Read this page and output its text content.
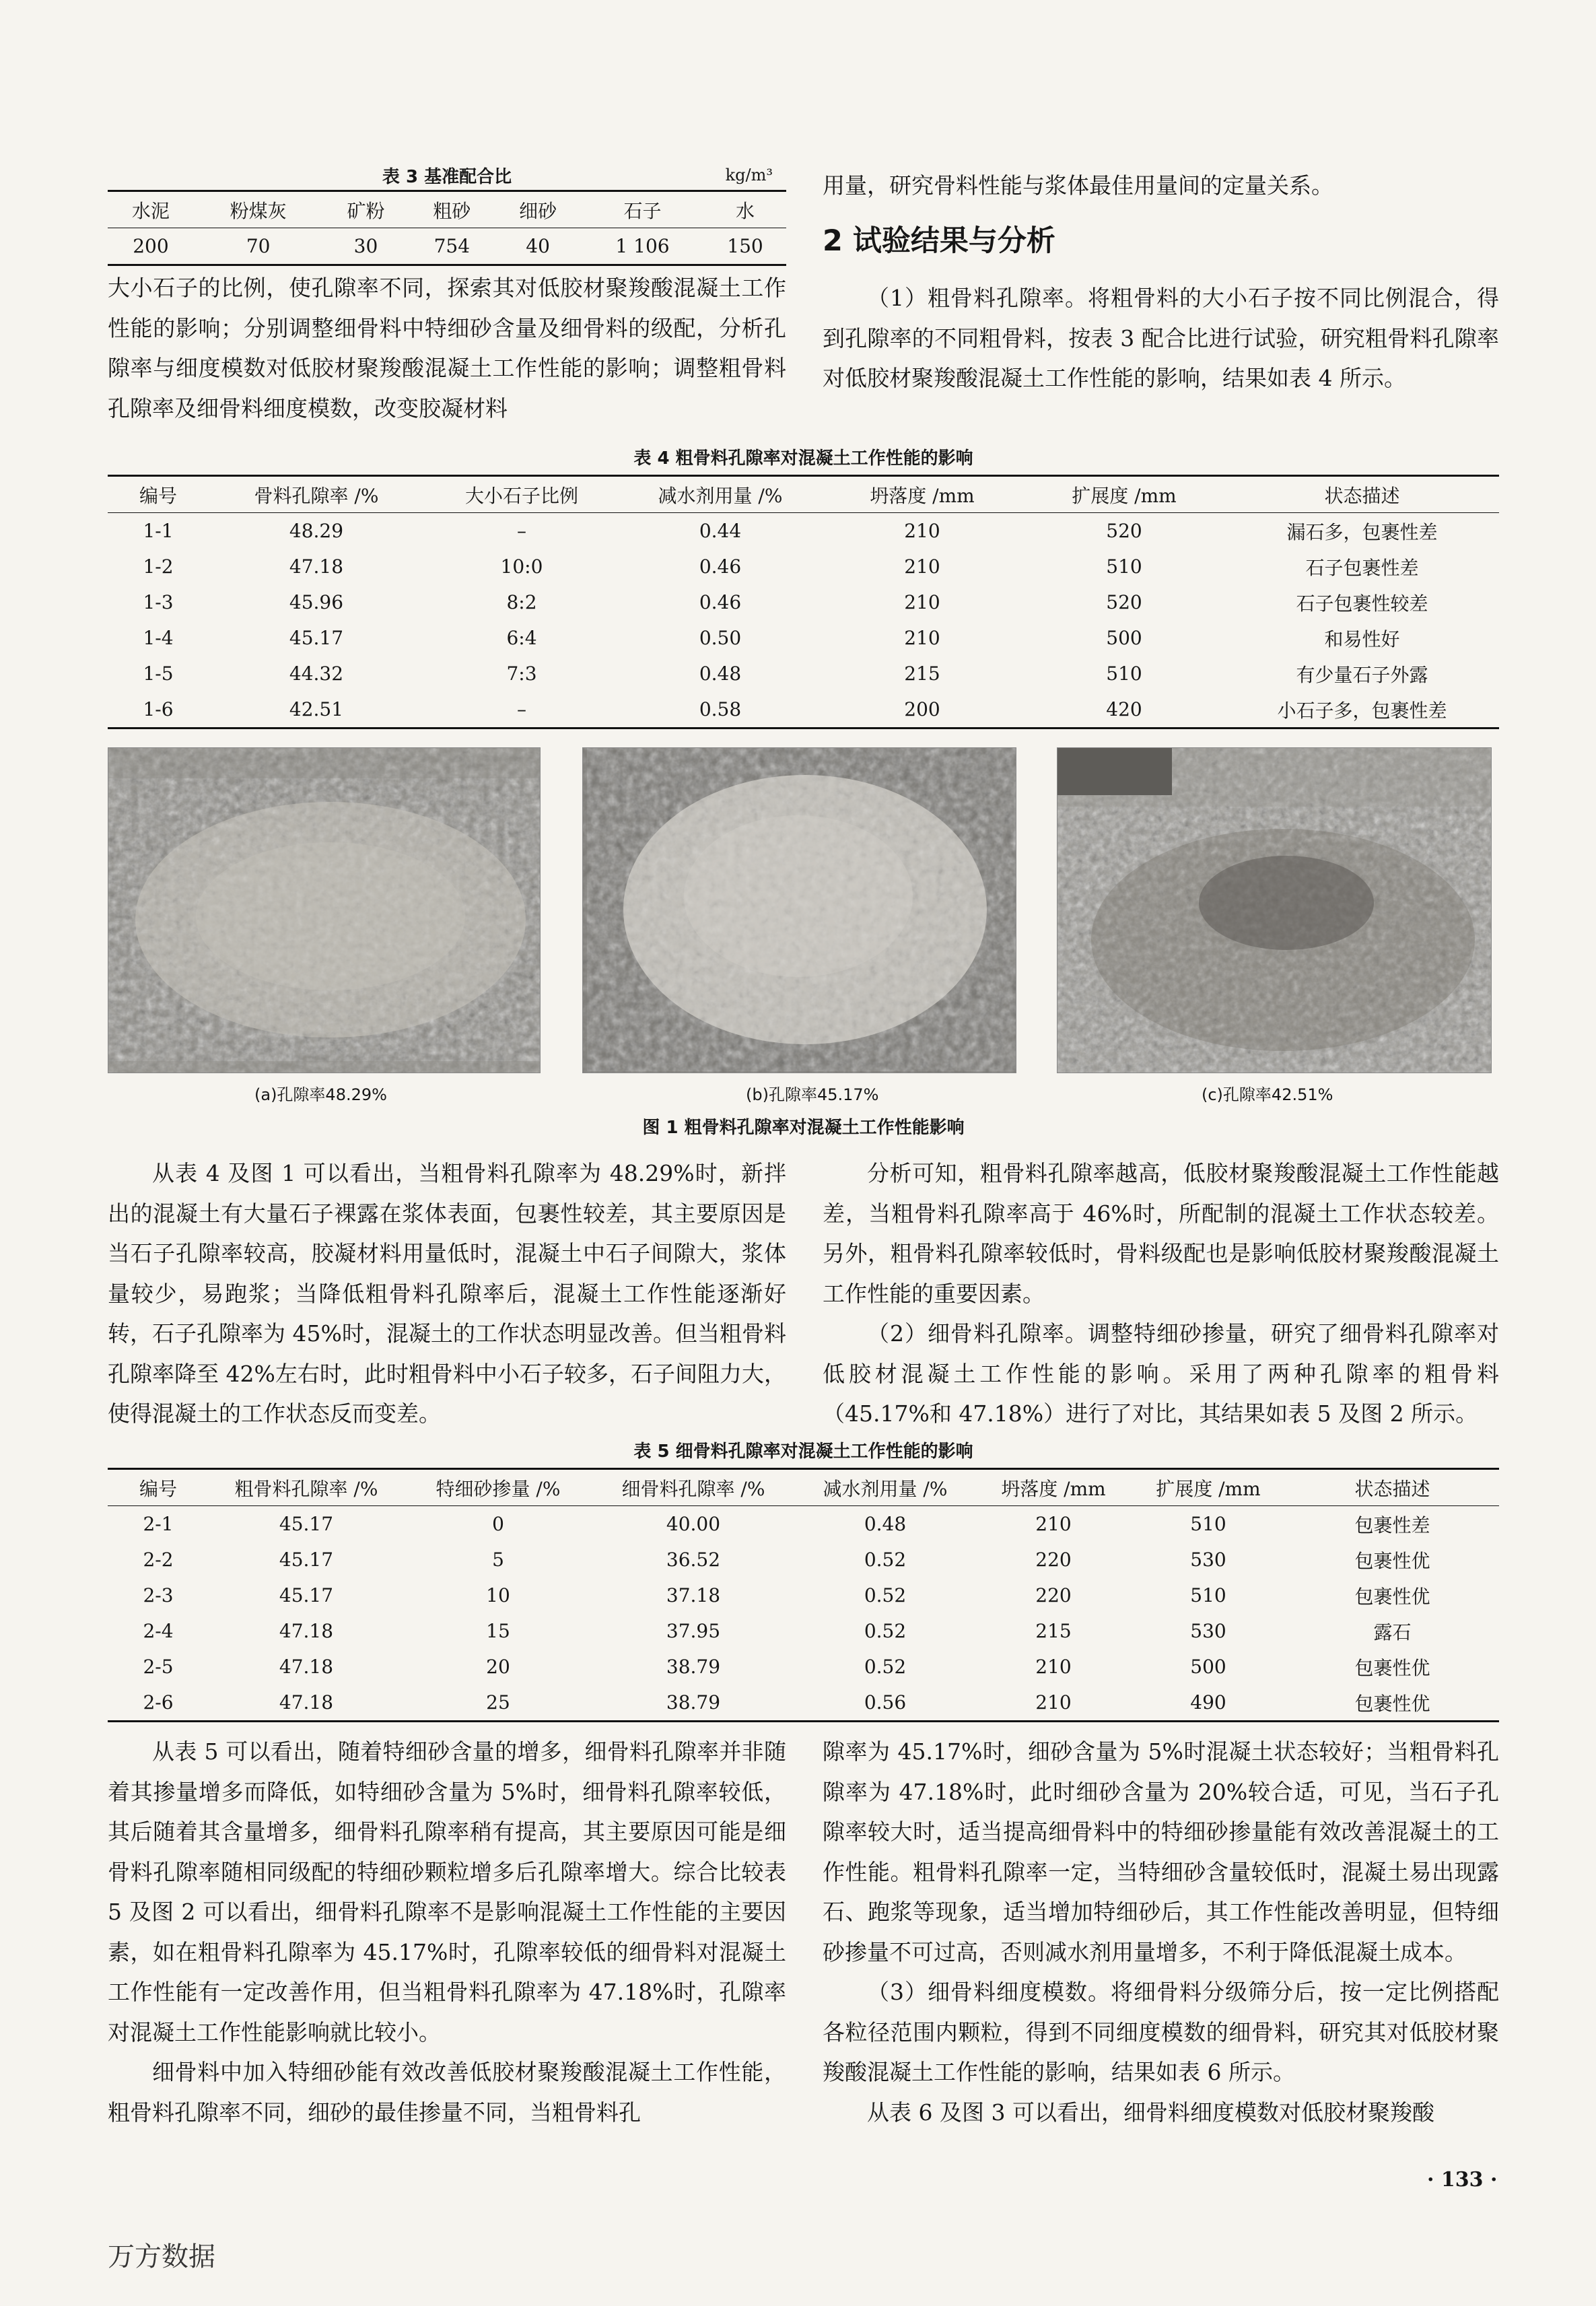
表 3 基准配合比	kg/m³
水泥	粉煤灰	矿粉	粗砂	细砂	石子	水
200	70	30	754	40	1 106	150

大小石子的比例，使孔隙率不同，探索其对低胶材聚羧酸混凝土工作性能的影响；分别调整细骨料中特细砂含量及细骨料的级配，分析孔隙率与细度模数对低胶材聚羧酸混凝土工作性能的影响；调整粗骨料孔隙率及细骨料细度模数，改变胶凝材料

用量，研究骨料性能与浆体最佳用量间的定量关系。

2 试验结果与分析

（1）粗骨料孔隙率。将粗骨料的大小石子按不同比例混合，得到孔隙率的不同粗骨料，按表 3 配合比进行试验，研究粗骨料孔隙率对低胶材聚羧酸混凝土工作性能的影响，结果如表 4 所示。

表 4 粗骨料孔隙率对混凝土工作性能的影响
编号	骨料孔隙率 /%	大小石子比例	减水剂用量 /%	坍落度 /mm	扩展度 /mm	状态描述
1-1	48.29	–	0.44	210	520	漏石多，包裹性差
1-2	47.18	10:0	0.46	210	510	石子包裹性差
1-3	45.96	8:2	0.46	210	520	石子包裹性较差
1-4	45.17	6:4	0.50	210	500	和易性好
1-5	44.32	7:3	0.48	215	510	有少量石子外露
1-6	42.51	–	0.58	200	420	小石子多，包裹性差
(a)孔隙率48.29%	(b)孔隙率45.17%	(c)孔隙率42.51%
图 1 粗骨料孔隙率对混凝土工作性能影响

从表 4 及图 1 可以看出，当粗骨料孔隙率为 48.29%时，新拌出的混凝土有大量石子裸露在浆体表面，包裹性较差，其主要原因是当石子孔隙率较高，胶凝材料用量低时，混凝土中石子间隙大，浆体量较少，易跑浆；当降低粗骨料孔隙率后，混凝土工作性能逐渐好转，石子孔隙率为 45%时，混凝土的工作状态明显改善。但当粗骨料孔隙率降至 42%左右时，此时粗骨料中小石子较多，石子间阻力大，使得混凝土的工作状态反而变差。

分析可知，粗骨料孔隙率越高，低胶材聚羧酸混凝土工作性能越差，当粗骨料孔隙率高于 46%时，所配制的混凝土工作状态较差。另外，粗骨料孔隙率较低时，骨料级配也是影响低胶材聚羧酸混凝土工作性能的重要因素。

（2）细骨料孔隙率。调整特细砂掺量，研究了细骨料孔隙率对低胶材混凝土工作性能的影响。采用了两种孔隙率的粗骨料（45.17%和 47.18%）进行了对比，其结果如表 5 及图 2 所示。

表 5 细骨料孔隙率对混凝土工作性能的影响
编号	粗骨料孔隙率 /%	特细砂掺量 /%	细骨料孔隙率 /%	减水剂用量 /%	坍落度 /mm	扩展度 /mm	状态描述
2-1	45.17	0	40.00	0.48	210	510	包裹性差
2-2	45.17	5	36.52	0.52	220	530	包裹性优
2-3	45.17	10	37.18	0.52	220	510	包裹性优
2-4	47.18	15	37.95	0.52	215	530	露石
2-5	47.18	20	38.79	0.52	210	500	包裹性优
2-6	47.18	25	38.79	0.56	210	490	包裹性优

从表 5 可以看出，随着特细砂含量的增多，细骨料孔隙率并非随着其掺量增多而降低，如特细砂含量为 5%时，细骨料孔隙率较低，其后随着其含量增多，细骨料孔隙率稍有提高，其主要原因可能是细骨料孔隙率随相同级配的特细砂颗粒增多后孔隙率增大。综合比较表 5 及图 2 可以看出，细骨料孔隙率不是影响混凝土工作性能的主要因素，如在粗骨料孔隙率为 45.17%时，孔隙率较低的细骨料对混凝土工作性能有一定改善作用，但当粗骨料孔隙率为 47.18%时，孔隙率对混凝土工作性能影响就比较小。

细骨料中加入特细砂能有效改善低胶材聚羧酸混凝土工作性能，粗骨料孔隙率不同，细砂的最佳掺量不同，当粗骨料孔

隙率为 45.17%时，细砂含量为 5%时混凝土状态较好；当粗骨料孔隙率为 47.18%时，此时细砂含量为 20%较合适，可见，当石子孔隙率较大时，适当提高细骨料中的特细砂掺量能有效改善混凝土的工作性能。粗骨料孔隙率一定，当特细砂含量较低时，混凝土易出现露石、跑浆等现象，适当增加特细砂后，其工作性能改善明显，但特细砂掺量不可过高，否则减水剂用量增多，不利于降低混凝土成本。

（3）细骨料细度模数。将细骨料分级筛分后，按一定比例搭配各粒径范围内颗粒，得到不同细度模数的细骨料，研究其对低胶材聚羧酸混凝土工作性能的影响，结果如表 6 所示。

从表 6 及图 3 可以看出，细骨料细度模数对低胶材聚羧酸

· 133 ·
万方数据
